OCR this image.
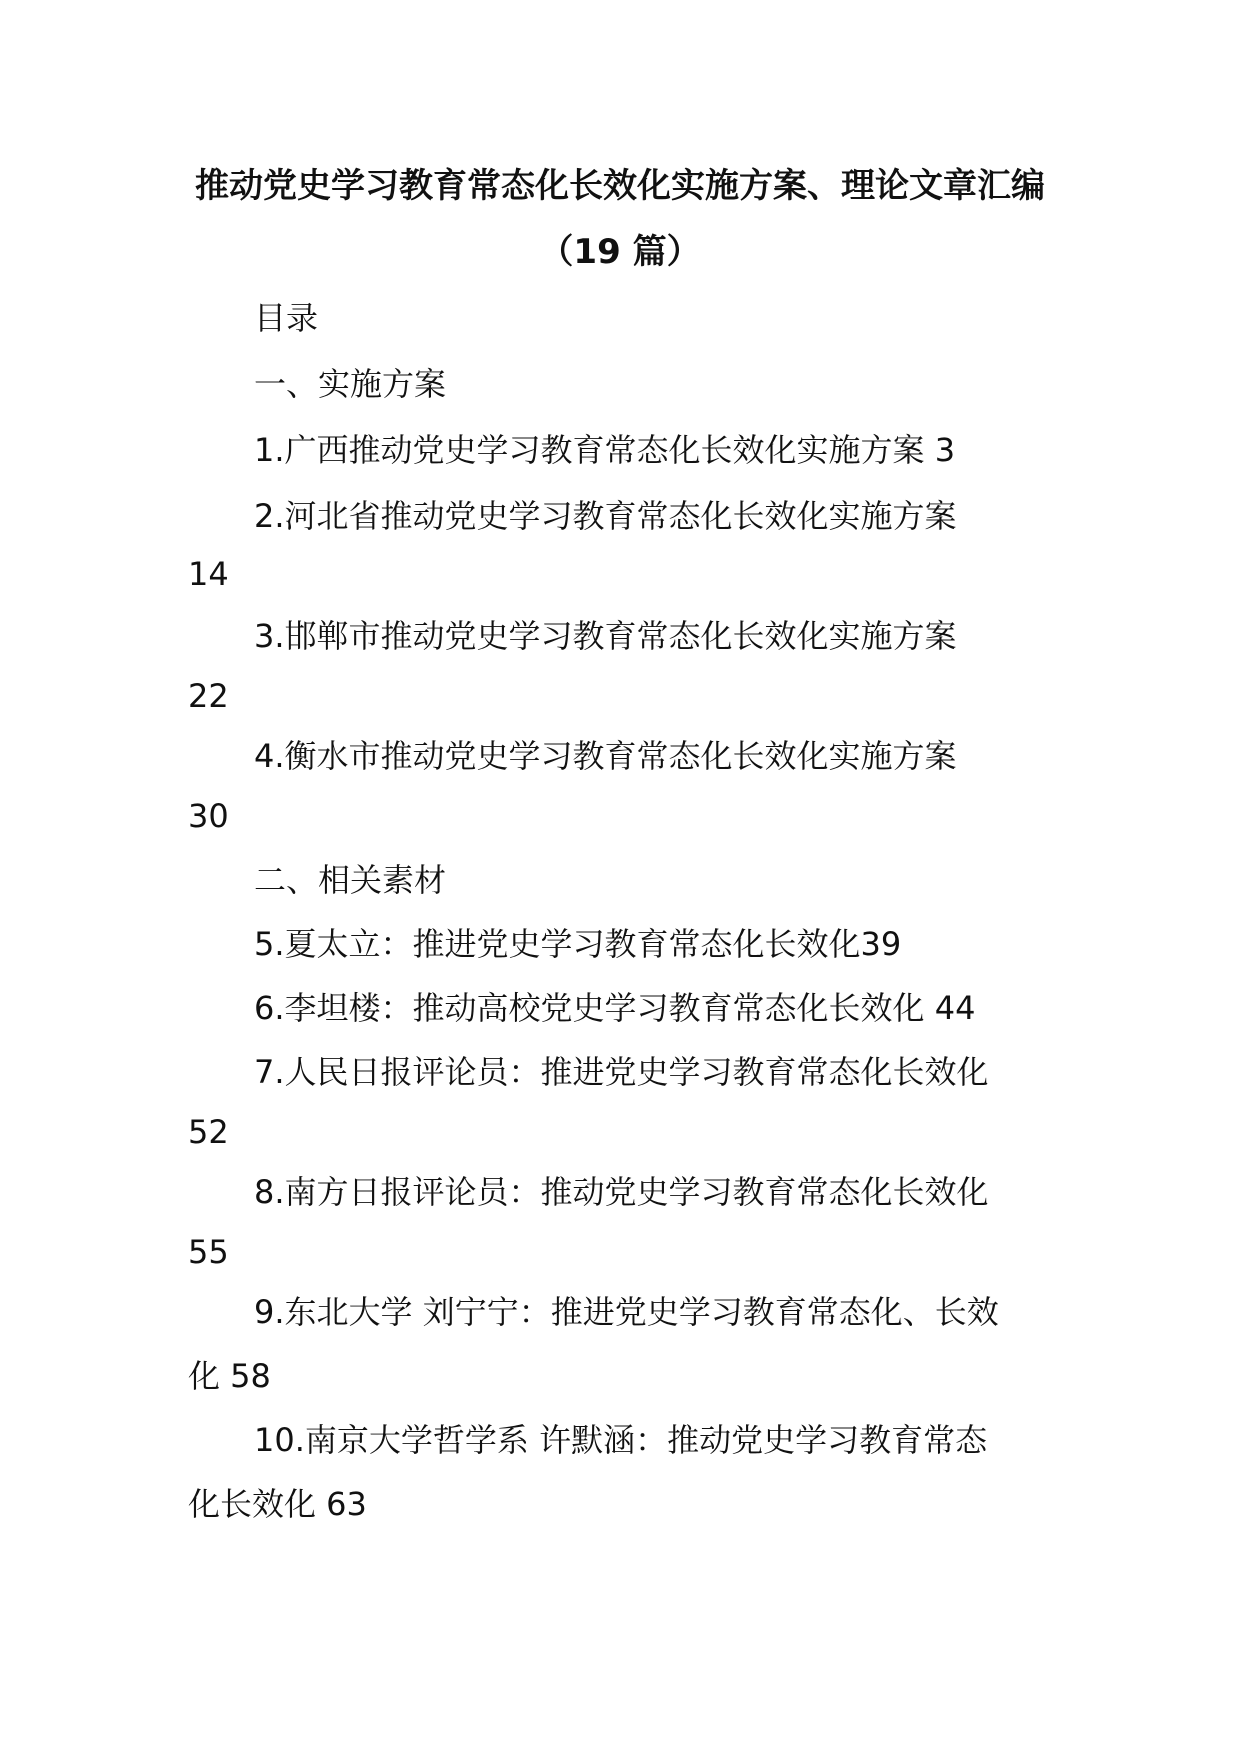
推动党史学习教育常态化长效化实施方案、理论文章汇编
（19 篇）
目录
一、实施方案
1.广西推动党史学习教育常态化长效化实施方案 3
2.河北省推动党史学习教育常态化长效化实施方案
14
3.邯郸市推动党史学习教育常态化长效化实施方案
22
4.衡水市推动党史学习教育常态化长效化实施方案
30
二、相关素材
5.夏太立：推进党史学习教育常态化长效化39
6.李坦楼：推动高校党史学习教育常态化长效化 44
7.人民日报评论员：推进党史学习教育常态化长效化
52
8.南方日报评论员：推动党史学习教育常态化长效化
55
9.东北大学 刘宁宁：推进党史学习教育常态化、长效
化 58
10.南京大学哲学系 许默涵：推动党史学习教育常态
化长效化 63
